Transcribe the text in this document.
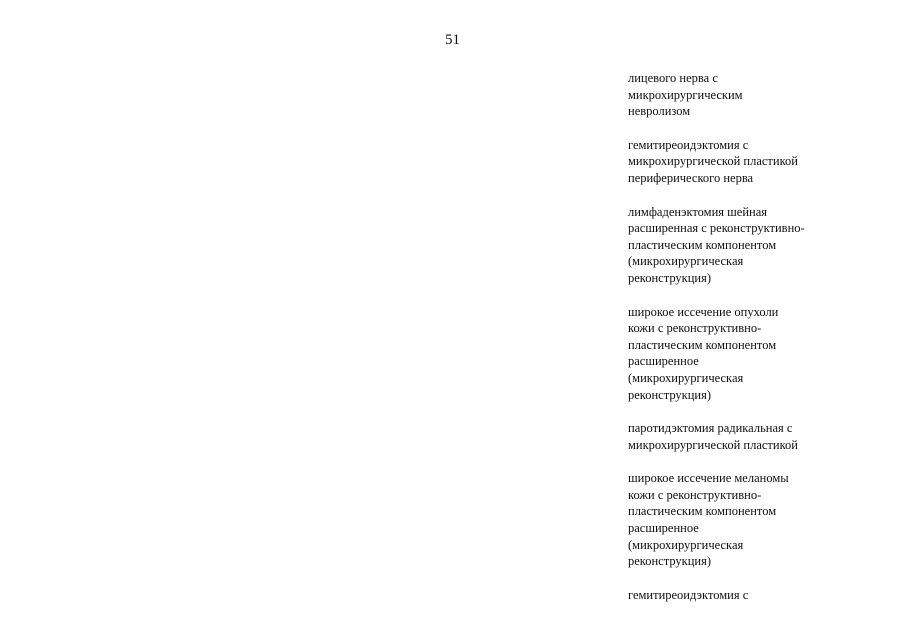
51
лицевого нерва с
микрохирургическим
невролизом
гемитиреоидэктомия с
микрохирургической пластикой
периферического нерва
лимфаденэктомия шейная
расширенная с реконструктивно-
пластическим компонентом
(микрохирургическая
реконструкция)
широкое иссечение опухоли
кожи с реконструктивно-
пластическим компонентом
расширенное
(микрохирургическая
реконструкция)
паротидэктомия радикальная с
микрохирургической пластикой
широкое иссечение меланомы
кожи с реконструктивно-
пластическим компонентом
расширенное
(микрохирургическая
реконструкция)
гемитиреоидэктомия с
